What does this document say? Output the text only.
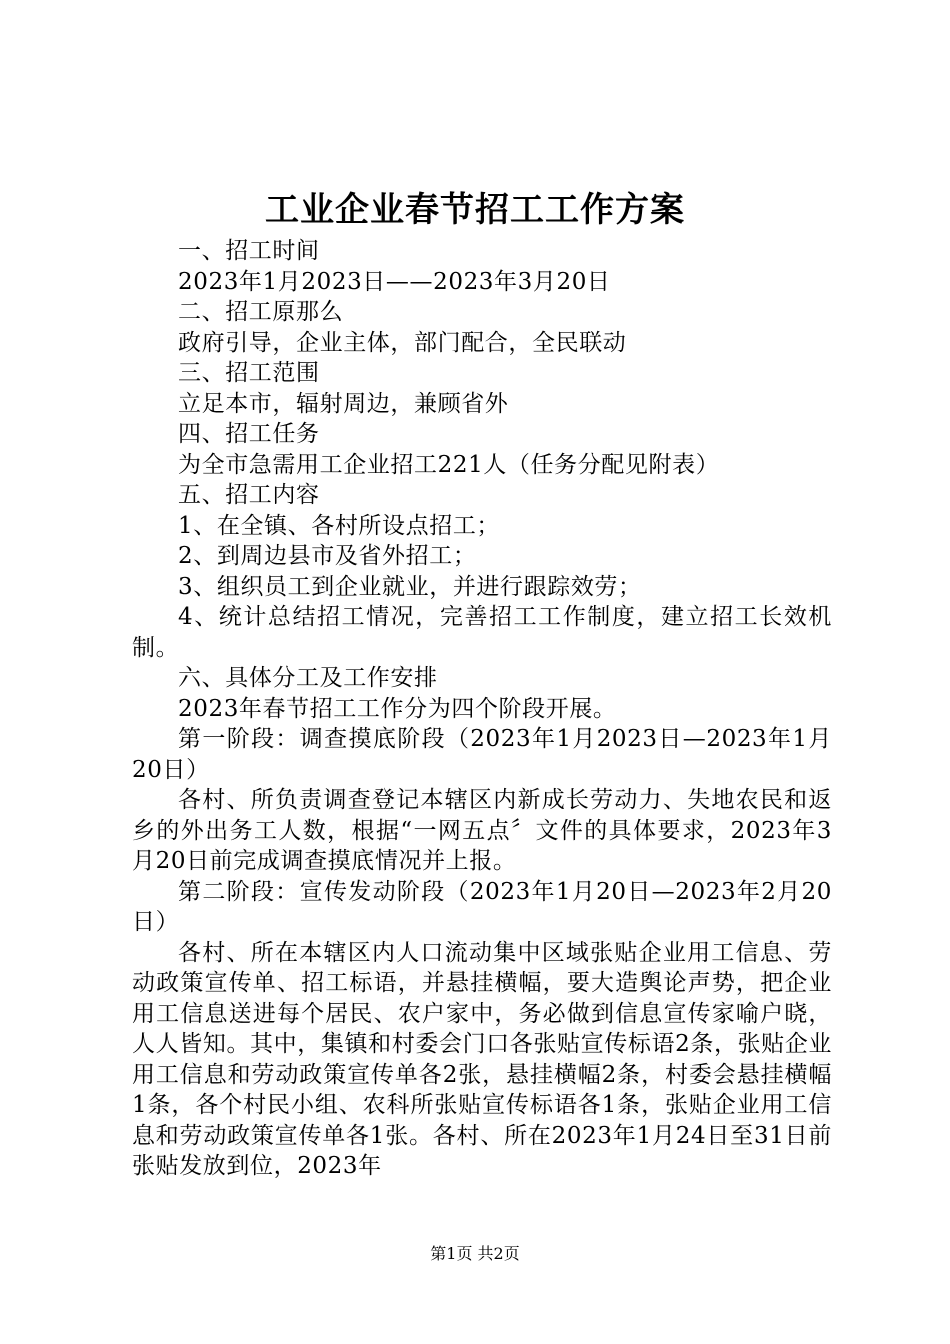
工业企业春节招工工作方案

一、招工时间

2023年1月2023日——2023年3月20日

二、招工原那么

政府引导，企业主体，部门配合，全民联动

三、招工范围

立足本市，辐射周边，兼顾省外

四、招工任务

为全市急需用工企业招工221人（任务分配见附表）

五、招工内容

1、在全镇、各村所设点招工；

2、到周边县市及省外招工；

3、组织员工到企业就业，并进行跟踪效劳；

4、统计总结招工情况，完善招工工作制度，建立招工长效机制。

六、具体分工及工作安排

2023年春节招工工作分为四个阶段开展。

第一阶段：调查摸底阶段（2023年1月2023日—2023年1月20日）

各村、所负责调查登记本辖区内新成长劳动力、失地农民和返乡的外出务工人数，根据“一网五点〞文件的具体要求，2023年3月20日前完成调查摸底情况并上报。

第二阶段：宣传发动阶段（2023年1月20日—2023年2月20日）

各村、所在本辖区内人口流动集中区域张贴企业用工信息、劳动政策宣传单、招工标语，并悬挂横幅，要大造舆论声势，把企业用工信息送进每个居民、农户家中，务必做到信息宣传家喻户晓，人人皆知。其中，集镇和村委会门口各张贴宣传标语2条，张贴企业用工信息和劳动政策宣传单各2张，悬挂横幅2条，村委会悬挂横幅1条，各个村民小组、农科所张贴宣传标语各1条，张贴企业用工信息和劳动政策宣传单各1张。各村、所在2023年1月24日至31日前张贴发放到位，2023年

第1页 共2页
